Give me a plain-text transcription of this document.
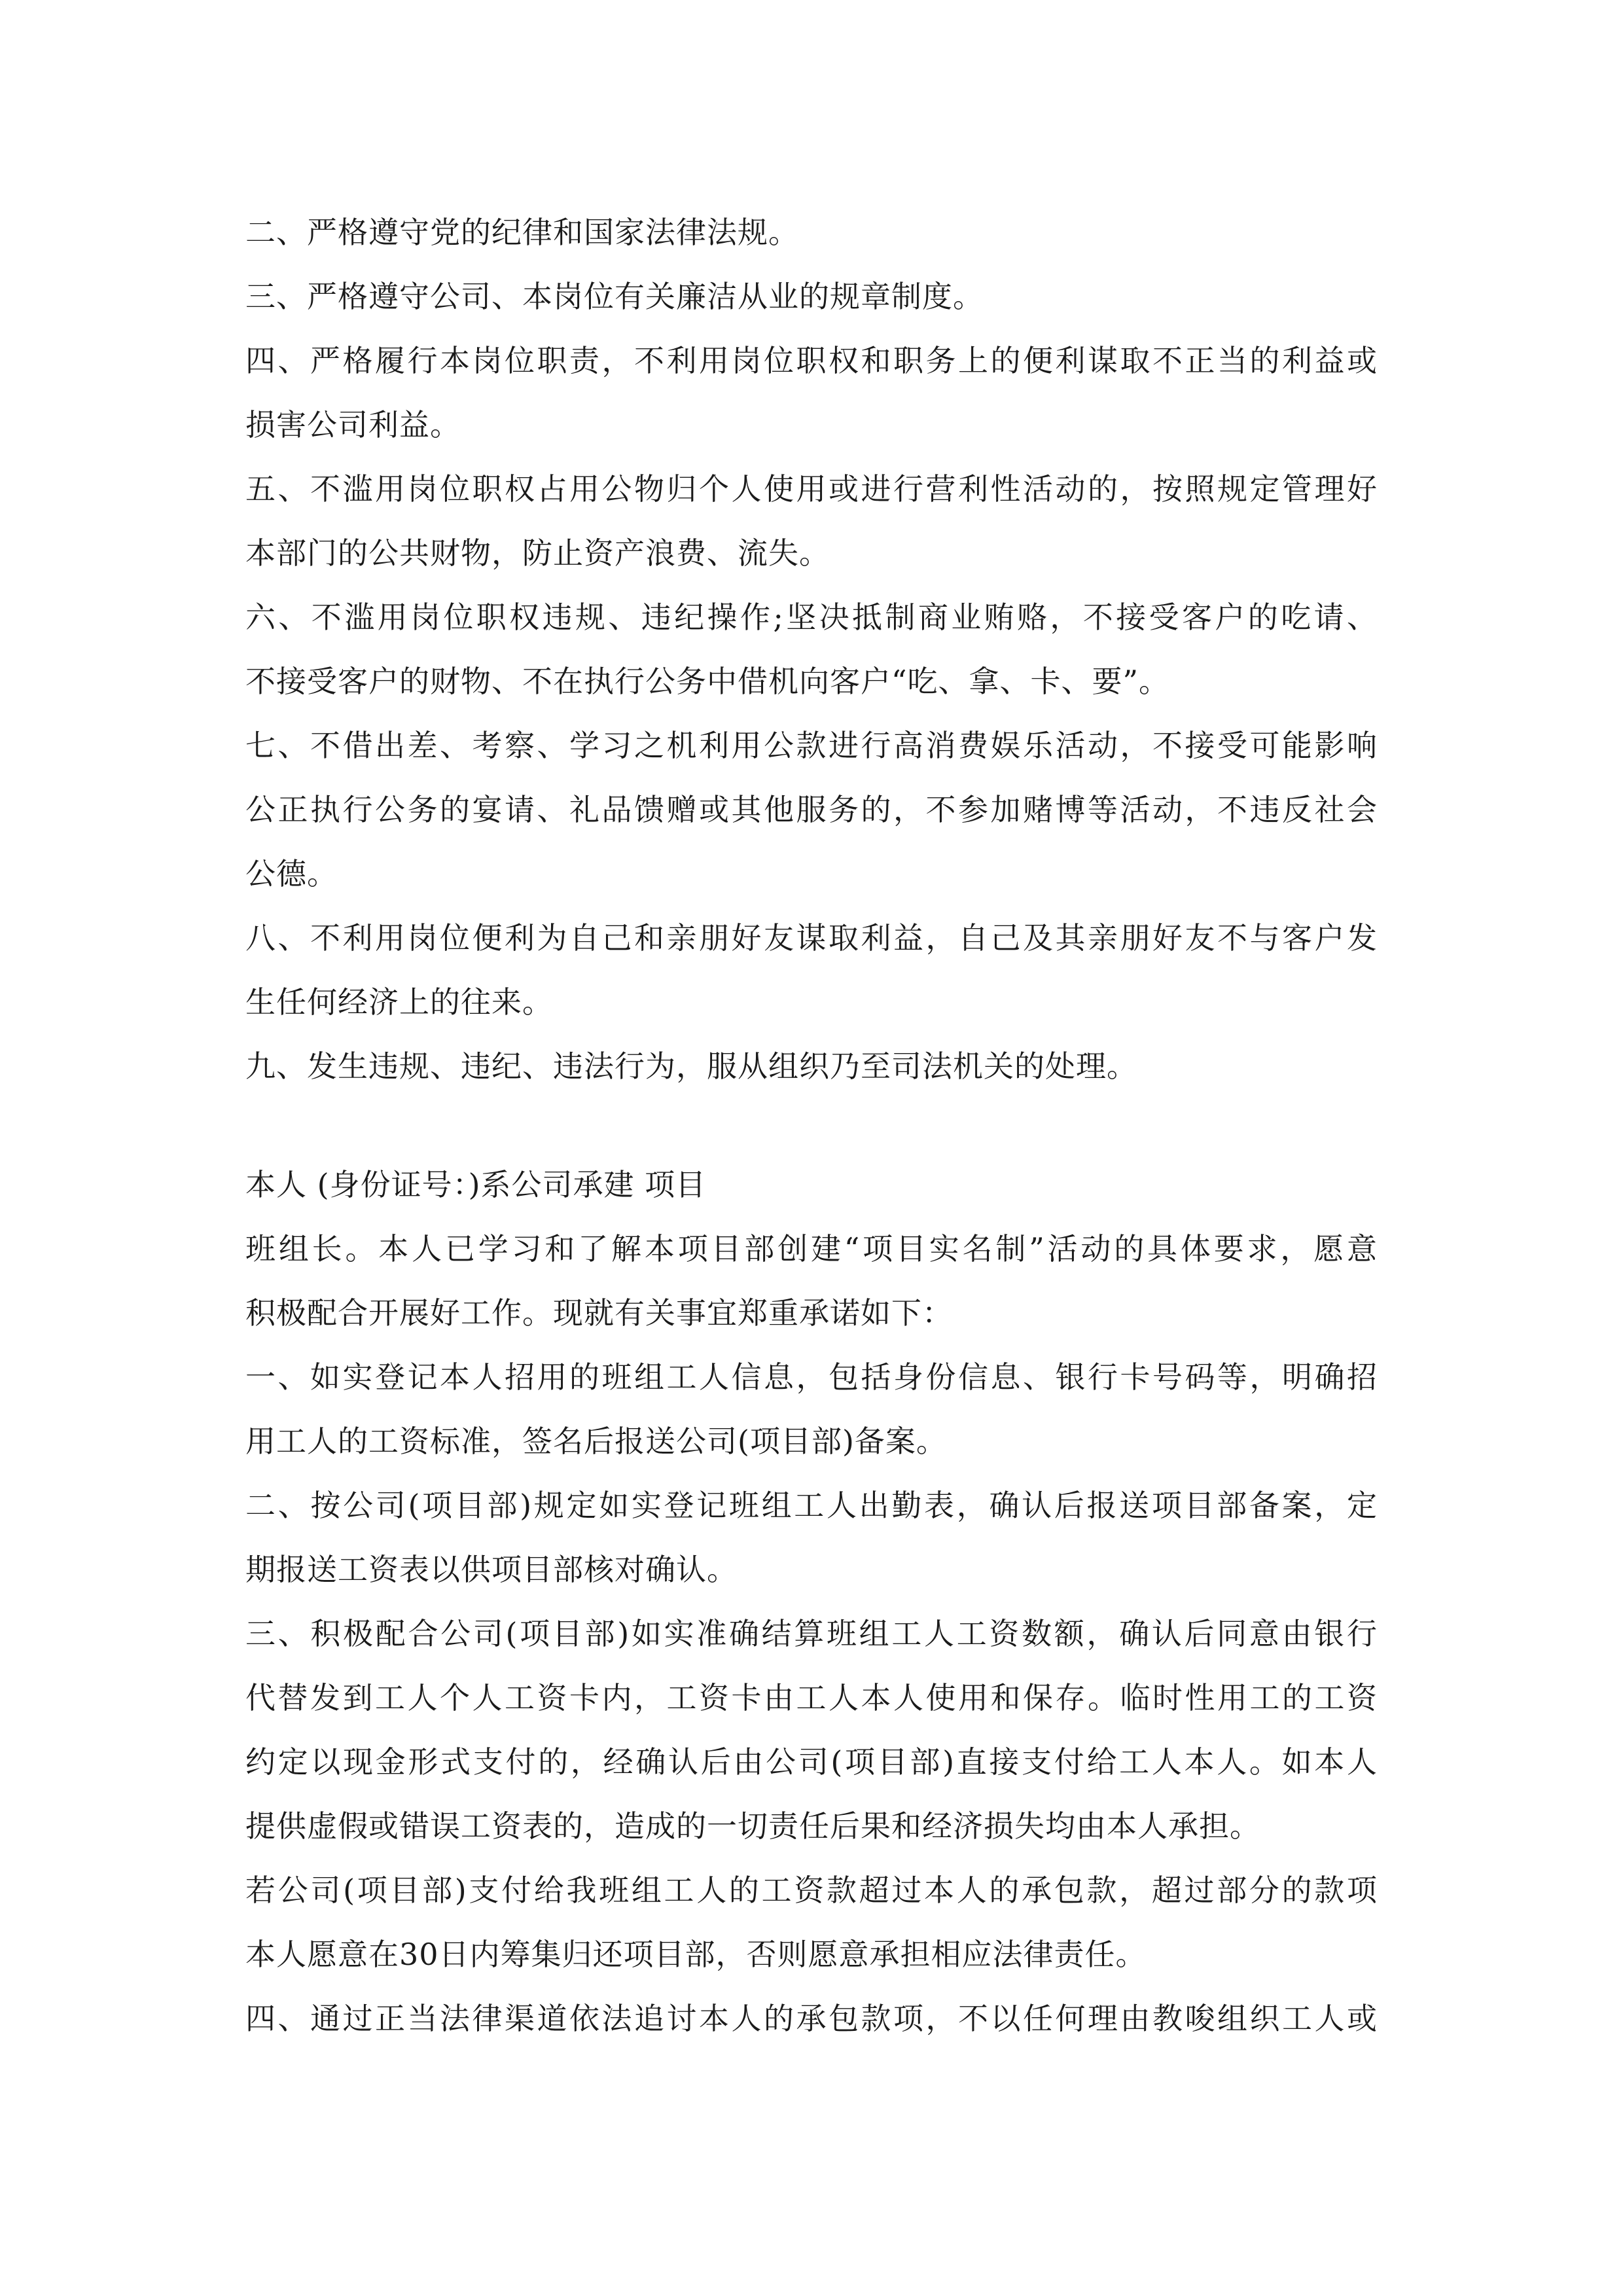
二、严格遵守党的纪律和国家法律法规。
三、严格遵守公司、本岗位有关廉洁从业的规章制度。
四、严格履行本岗位职责，不利用岗位职权和职务上的便利谋取不正当的利益或
损害公司利益。
五、不滥用岗位职权占用公物归个人使用或进行营利性活动的，按照规定管理好
本部门的公共财物，防止资产浪费、流失。
六、不滥用岗位职权违规、违纪操作;坚决抵制商业贿赂，不接受客户的吃请、
不接受客户的财物、不在执行公务中借机向客户“吃、拿、卡、要”。
七、不借出差、考察、学习之机利用公款进行高消费娱乐活动，不接受可能影响
公正执行公务的宴请、礼品馈赠或其他服务的，不参加赌博等活动，不违反社会
公德。
八、不利用岗位便利为自己和亲朋好友谋取利益，自己及其亲朋好友不与客户发
生任何经济上的往来。
九、发生违规、违纪、违法行为，服从组织乃至司法机关的处理。
本人 (身份证号：)系公司承建 项目
班组长。本人已学习和了解本项目部创建“项目实名制”活动的具体要求，愿意
积极配合开展好工作。现就有关事宜郑重承诺如下：
一、如实登记本人招用的班组工人信息，包括身份信息、银行卡号码等，明确招
用工人的工资标准，签名后报送公司(项目部)备案。
二、按公司(项目部)规定如实登记班组工人出勤表，确认后报送项目部备案，定
期报送工资表以供项目部核对确认。
三、积极配合公司(项目部)如实准确结算班组工人工资数额，确认后同意由银行
代替发到工人个人工资卡内，工资卡由工人本人使用和保存。临时性用工的工资
约定以现金形式支付的，经确认后由公司(项目部)直接支付给工人本人。如本人
提供虚假或错误工资表的，造成的一切责任后果和经济损失均由本人承担。
若公司(项目部)支付给我班组工人的工资款超过本人的承包款，超过部分的款项
本人愿意在30日内筹集归还项目部，否则愿意承担相应法律责任。
四、通过正当法律渠道依法追讨本人的承包款项，不以任何理由教唆组织工人或
